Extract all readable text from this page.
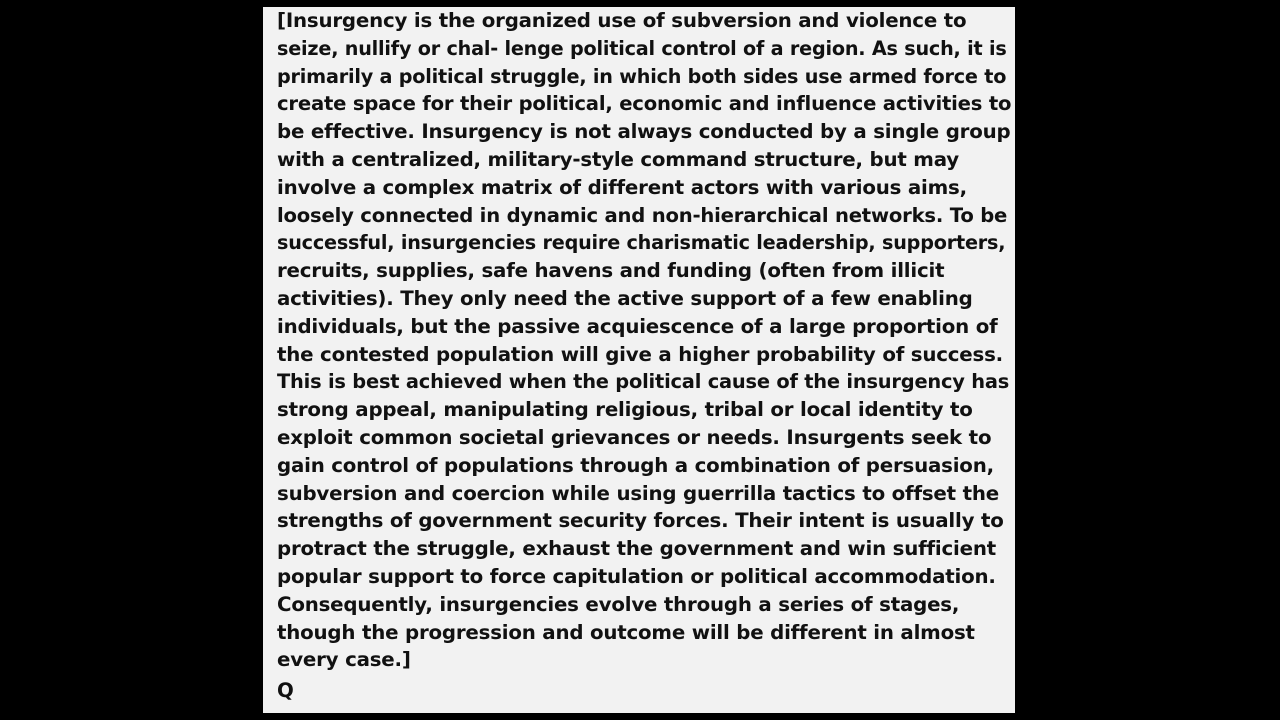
[Insurgency is the organized use of subversion and violence to
seize, nullify or chal- lenge political control of a region. As such, it is
primarily a political struggle, in which both sides use armed force to
create space for their political, economic and influence activities to
be effective. Insurgency is not always conducted by a single group
with a centralized, military-style command structure, but may
involve a complex matrix of different actors with various aims,
loosely connected in dynamic and non-hierarchical networks. To be
successful, insurgencies require charismatic leadership, supporters,
recruits, supplies, safe havens and funding (often from illicit
activities). They only need the active support of a few enabling
individuals, but the passive acquiescence of a large proportion of
the contested population will give a higher probability of success.
This is best achieved when the political cause of the insurgency has
strong appeal, manipulating religious, tribal or local identity to
exploit common societal grievances or needs. Insurgents seek to
gain control of populations through a combination of persuasion,
subversion and coercion while using guerrilla tactics to offset the
strengths of government security forces. Their intent is usually to
protract the struggle, exhaust the government and win sufficient
popular support to force capitulation or political accommodation.
Consequently, insurgencies evolve through a series of stages,
though the progression and outcome will be different in almost
every case.]
Q
